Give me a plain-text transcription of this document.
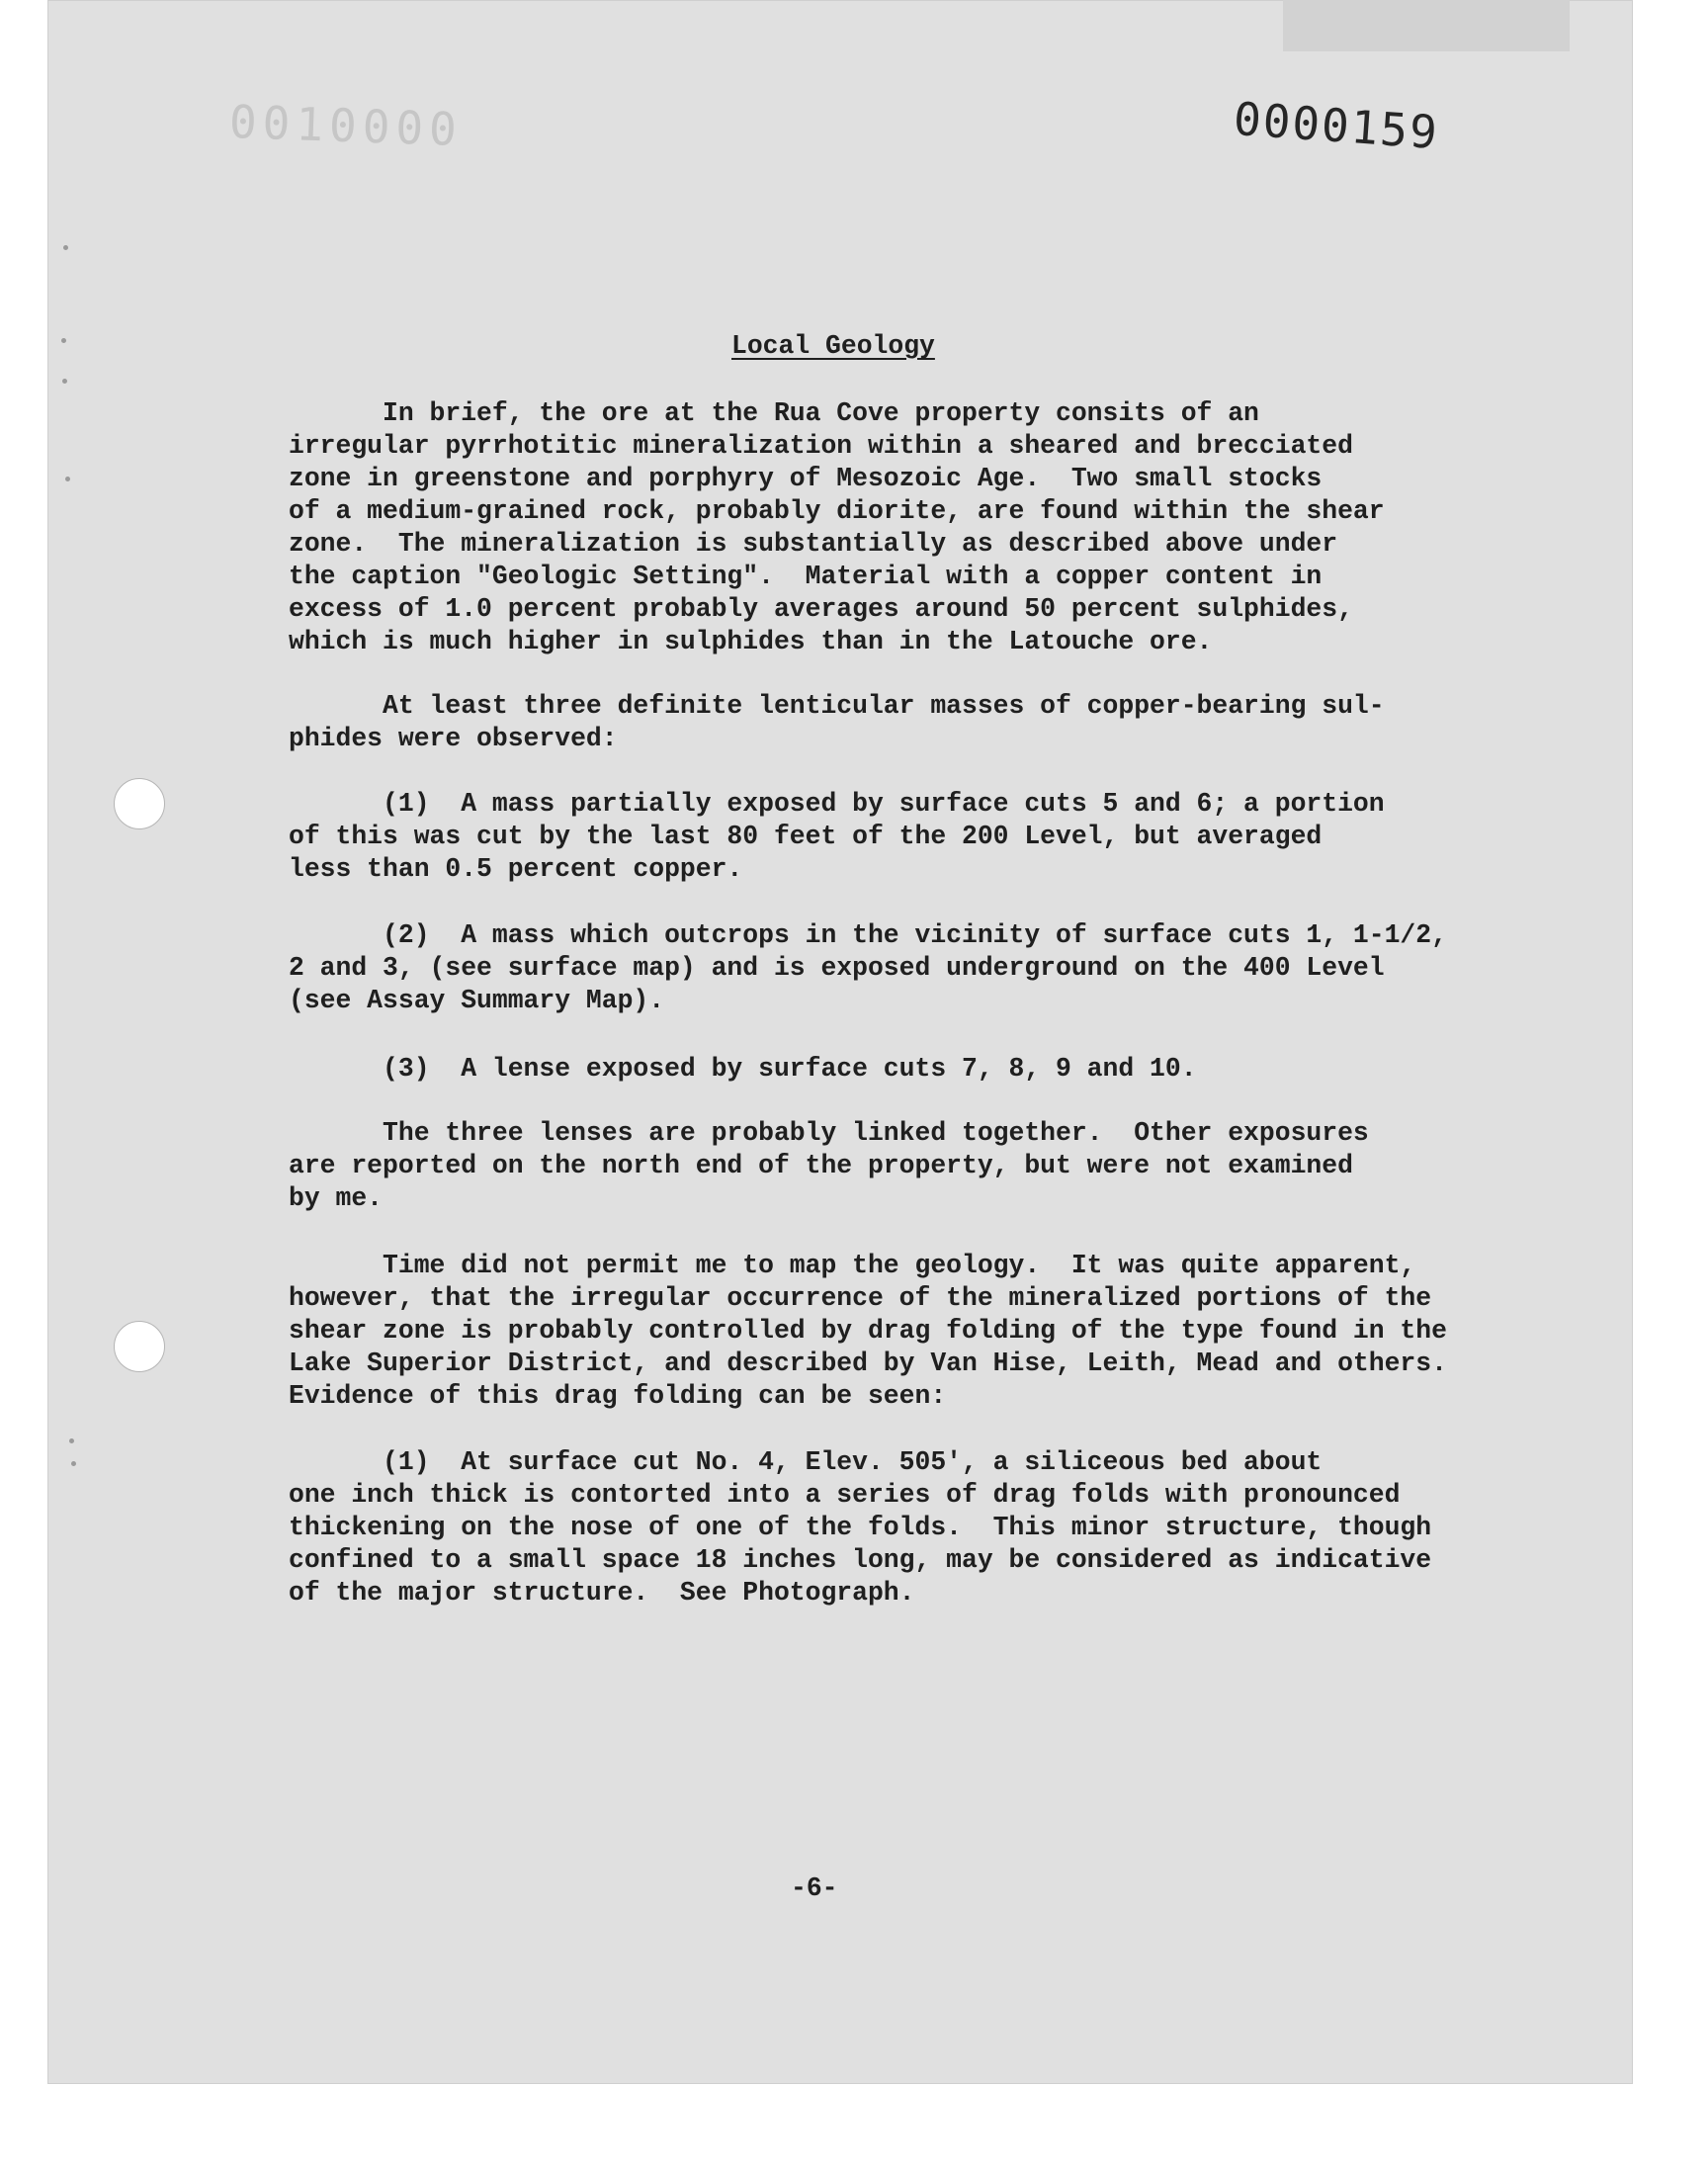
0010000	0000159
Local Geology
In brief, the ore at the Rua Cove property consits of an
irregular pyrrhotitic mineralization within a sheared and brecciated
zone in greenstone and porphyry of Mesozoic Age.  Two small stocks
of a medium-grained rock, probably diorite, are found within the shear
zone.  The mineralization is substantially as described above under
the caption "Geologic Setting".  Material with a copper content in
excess of 1.0 percent probably averages around 50 percent sulphides,
which is much higher in sulphides than in the Latouche ore.
At least three definite lenticular masses of copper-bearing sul-
phides were observed:
(1)  A mass partially exposed by surface cuts 5 and 6; a portion
of this was cut by the last 80 feet of the 200 Level, but averaged
less than 0.5 percent copper.
(2)  A mass which outcrops in the vicinity of surface cuts 1, 1-1/2,
2 and 3, (see surface map) and is exposed underground on the 400 Level
(see Assay Summary Map).
(3)  A lense exposed by surface cuts 7, 8, 9 and 10.
The three lenses are probably linked together.  Other exposures
are reported on the north end of the property, but were not examined
by me.
Time did not permit me to map the geology.  It was quite apparent,
however, that the irregular occurrence of the mineralized portions of the
shear zone is probably controlled by drag folding of the type found in the
Lake Superior District, and described by Van Hise, Leith, Mead and others.
Evidence of this drag folding can be seen:
(1)  At surface cut No. 4, Elev. 505', a siliceous bed about
one inch thick is contorted into a series of drag folds with pronounced
thickening on the nose of one of the folds.  This minor structure, though
confined to a small space 18 inches long, may be considered as indicative
of the major structure.  See Photograph.
-6-
